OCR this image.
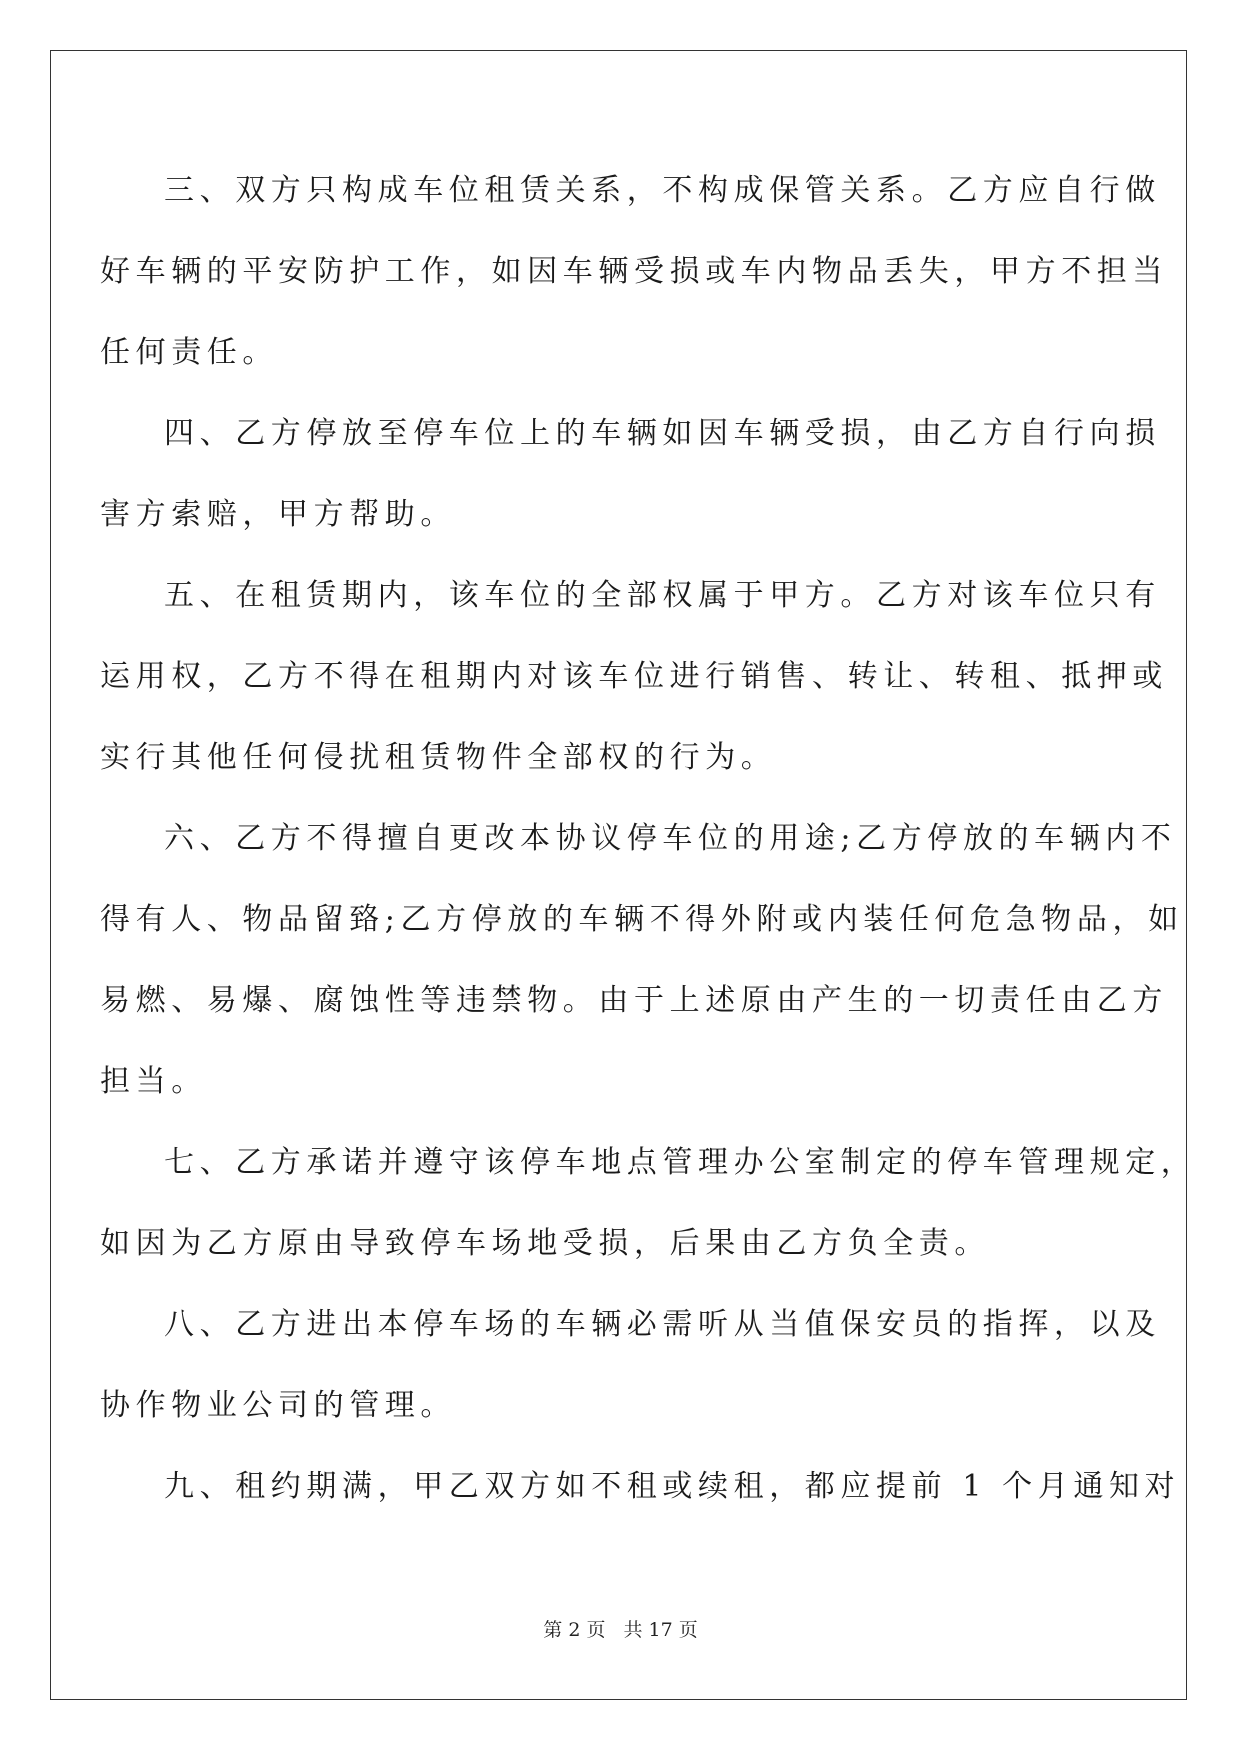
三、双方只构成车位租赁关系，不构成保管关系。乙方应自行做
好车辆的平安防护工作，如因车辆受损或车内物品丢失，甲方不担当
任何责任。

四、乙方停放至停车位上的车辆如因车辆受损，由乙方自行向损
害方索赔，甲方帮助。

五、在租赁期内，该车位的全部权属于甲方。乙方对该车位只有
运用权，乙方不得在租期内对该车位进行销售、转让、转租、抵押或
实行其他任何侵扰租赁物件全部权的行为。

六、乙方不得擅自更改本协议停车位的用途;乙方停放的车辆内不
得有人、物品留臵;乙方停放的车辆不得外附或内装任何危急物品，如
易燃、易爆、腐蚀性等违禁物。由于上述原由产生的一切责任由乙方
担当。

七、乙方承诺并遵守该停车地点管理办公室制定的停车管理规定，
如因为乙方原由导致停车场地受损，后果由乙方负全责。

八、乙方进出本停车场的车辆必需听从当值保安员的指挥，以及
协作物业公司的管理。

九、租约期满，甲乙双方如不租或续租，都应提前 1 个月通知对

第 2 页 共 17 页
